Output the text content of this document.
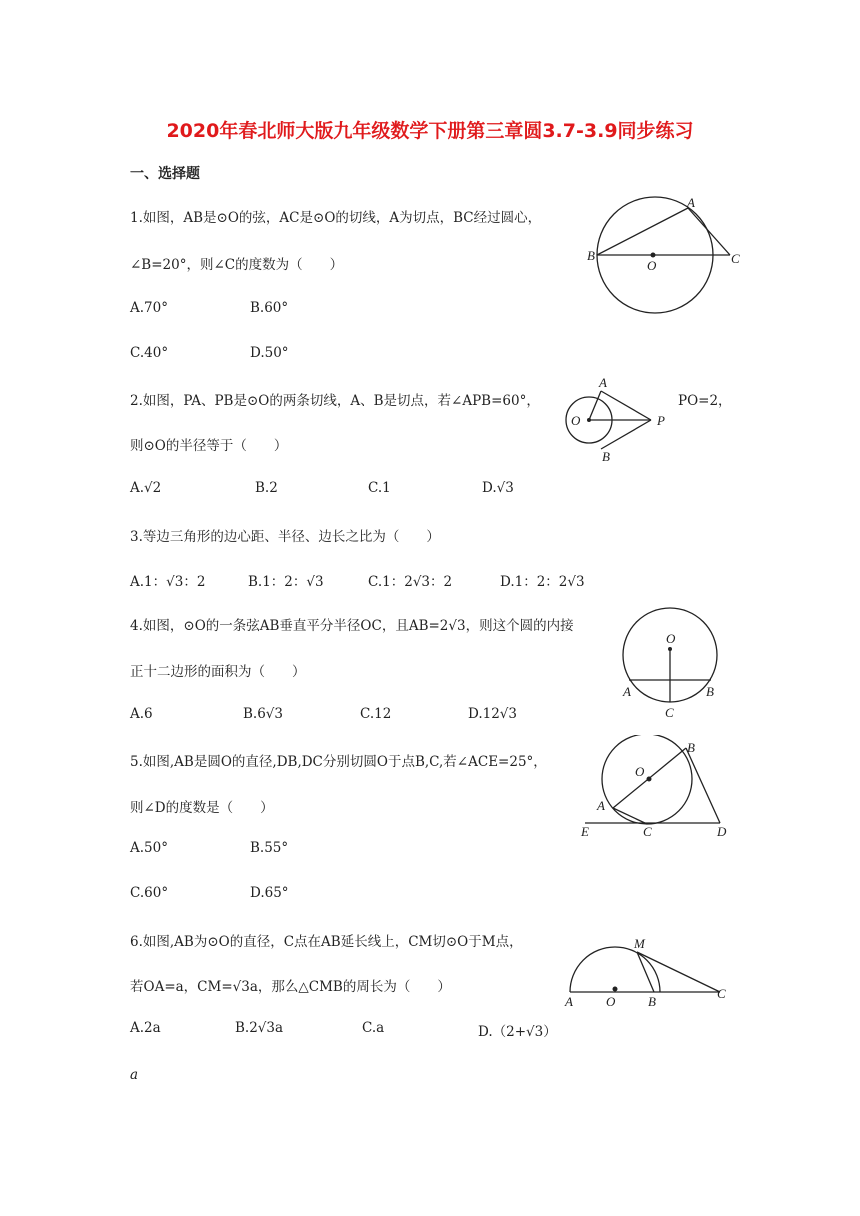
2020年春北师大版九年级数学下册第三章圆3.7-3.9同步练习
一、选择题
1.如图，AB是⊙O的弦，AC是⊙O的切线，A为切点，BC经过圆心，
∠B=20°，则∠C的度数为（　　）
A.70°	B.60°
C.40°	D.50°
A
B
O	C
2.如图，PA、PB是⊙O的两条切线，A、B是切点，若∠APB=60°，	PO=2，
则⊙O的半径等于（　　）
A.√2	B.2	C.1	D.√3
A
O	P
B
3.等边三角形的边心距、半径、边长之比为（　　）
A.1：√3：2	B.1：2：√3	C.1：2√3：2	D.1：2：2√3
4.如图，⊙O的一条弦AB垂直平分半径OC，且AB=2√3，则这个圆的内接
正十二边形的面积为（　　）
A.6	B.6√3	C.12	D.12√3
O
A	B
C
5.如图,AB是圆O的直径,DB,DC分别切圆O于点B,C,若∠ACE=25°，
则∠D的度数是（　　）
A.50°	B.55°
C.60°	D.65°
B
O
A
E	C	D
6.如图,AB为⊙O的直径，C点在AB延长线上，CM切⊙O于M点，
若OA=a，CM=√3a，那么△CMB的周长为（　　）
A.2a	B.2√3a	C.a	D.（2+√3）
a
M
A	O	B
C
